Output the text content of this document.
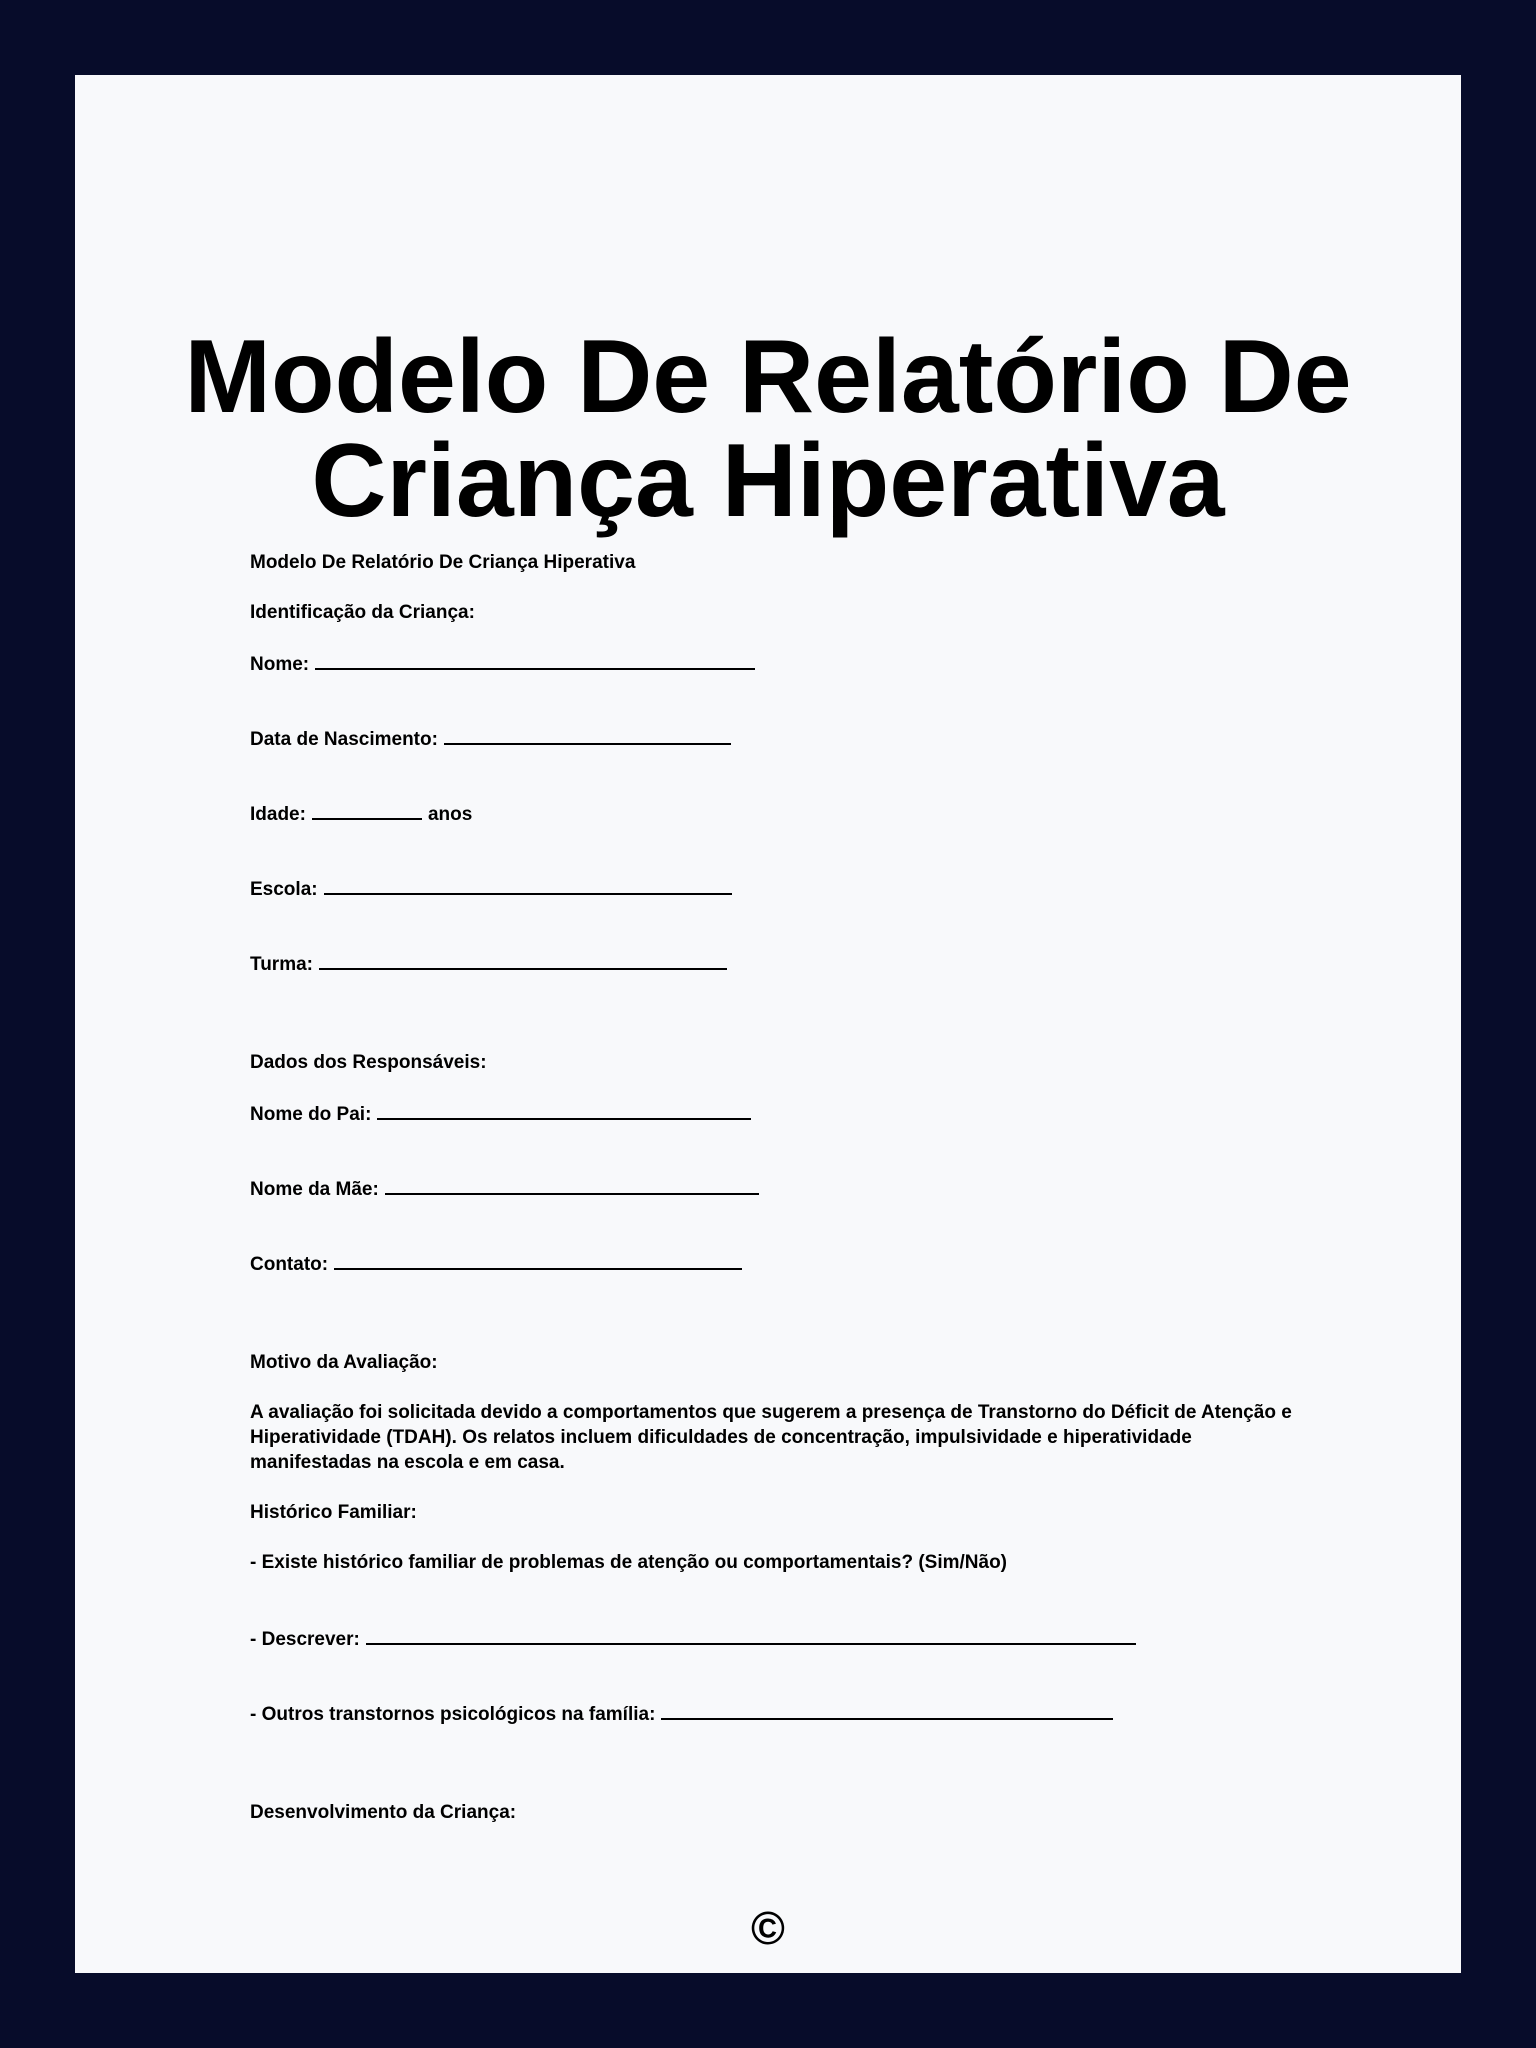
Modelo De Relatório De
Criança Hiperativa
Modelo De Relatório De Criança Hiperativa
Identificação da Criança:
Nome:
Data de Nascimento:
Idade:	anos
Escola:
Turma:
Dados dos Responsáveis:
Nome do Pai:
Nome da Mãe:
Contato:
Motivo da Avaliação:

A avaliação foi solicitada devido a comportamentos que sugerem a presença de Transtorno do Déficit de Atenção e Hiperatividade (TDAH). Os relatos incluem dificuldades de concentração, impulsividade e hiperatividade manifestadas na escola e em casa.

Histórico Familiar:
- Existe histórico familiar de problemas de atenção ou comportamentais? (Sim/Não)
- Descrever:
- Outros transtornos psicológicos na família:
Desenvolvimento da Criança:
©
